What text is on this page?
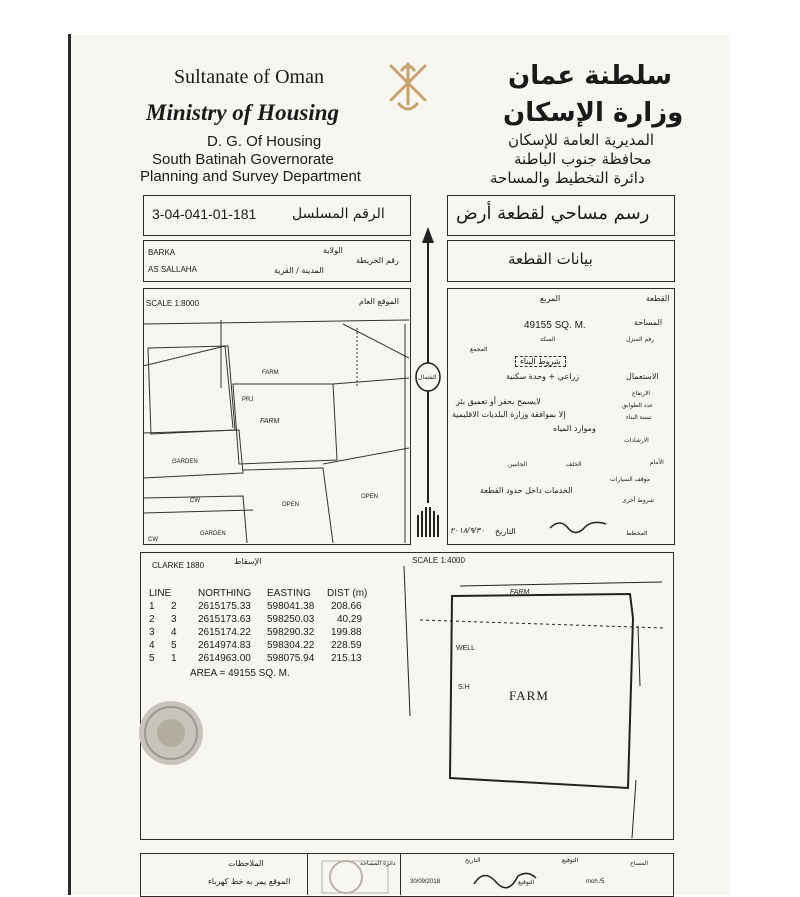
Sultanate of Oman
Ministry of Housing
D. G. Of Housing
South Batinah Governorate
Planning and Survey Department
سلطنة عمان
وزارة الإسكان
المديرية العامة للإسكان
محافظة جنوب الباطنة
دائرة التخطيط والمساحة
3-04-041-01-181	الرقم المسلسل	رسم مساحي لقطعة أرض
BARKA	الولاية
رقم الخريطة
AS SALLAHA	المدينة / القرية
بيانات القطعة
SCALE 1:8000	الموقع العام
FARM
OPEN
OPEN
GARDEN
CW
GARDEN
CW
FARM
PRJ
الشمال
القطعة
المربع
المساحة
49155 SQ. M.
رقم المنزل
السكة
المجمع
شروط البناء
الاستعمال
زراعي + وحدة سكنية
الارتفاع
لايسمح بحفر أو تعميق بئر	عدد الطوابق
إلا بموافقة وزارة البلديات الاقليمية	نسبة البناء
وموارد المياه
الارشادات
الأمام
الخلف
الجانبين
موقف السيارات
الخدمات داخل حدود القطعة
شروط أخرى
المخطط
التاريخ
٢٠١٨/٩/٣٠
CLARKE 1880	الإسقاط
LINE	NORTHING EASTING DIST (m)
1 2 2615175.33 598041.38 208.66
2 3 2615173.63 598250.03 40.29
3 4 2615174.22 598290.32 199.88
4 5 2614974.83 598304.22 228.59
5 1 2614963.00 598075.94 215.13
AREA = 49155 SQ. M.
SCALE 1:4000
FARM
WELL
S.H
FARM
الملاحظات
الموقع يمر به خط كهرباء
دائرة المساحة	التاريخ
30/09/2018
التوقيع
التوقيع
المساح
moh /5
